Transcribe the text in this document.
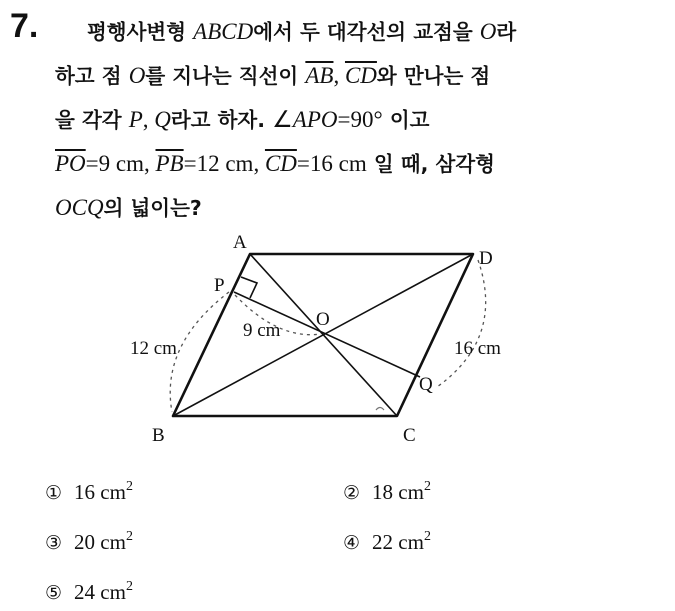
7.	평행사변형 ABCD에서 두 대각선의 교점을 O라
하고 점 O를 지나는 직선이 $\overline{AB}$, $\overline{CD}$와 만나는 점
을 각각 P, Q라고 하자. ∠APO=90° 이고
$\overline{PO}=9$ cm, $\overline{PB}=12$ cm, $\overline{CD}=16$ cm 일 때, 삼각형
OCQ의 넓이는?
A
D
P
O
Q
B	C
9 cm
12 cm	16 cm
① 16 $cm^2$	② 18 $cm^2$
③ 20 $cm^2$	④ 22 $cm^2$
⑤ 24 $cm^2$
